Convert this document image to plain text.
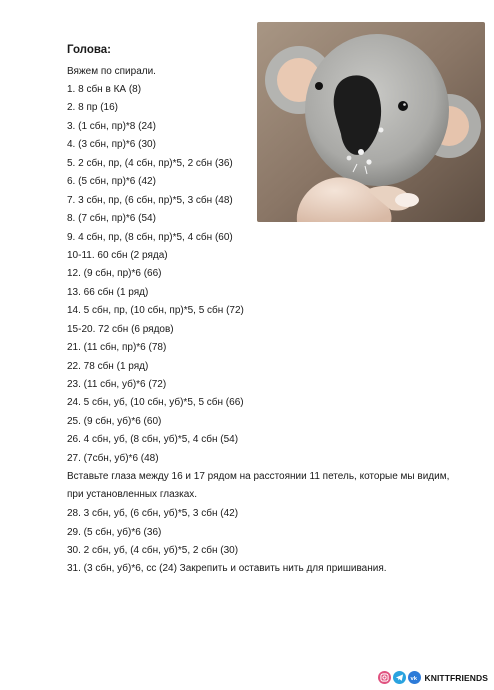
Голова:
Вяжем по спирали.
1. 8 сбн в КА (8)
2. 8 пр (16)
3. (1 сбн, пр)*8 (24)
4. (3 сбн, пр)*6 (30)
5. 2 сбн, пр, (4 сбн, пр)*5, 2 сбн (36)
6. (5 сбн, пр)*6 (42)
7. 3 сбн, пр, (6 сбн, пр)*5, 3 сбн (48)
8. (7 сбн, пр)*6 (54)
9. 4 сбн, пр, (8 сбн, пр)*5, 4 сбн (60)
10-11. 60 сбн (2 ряда)
12. (9 сбн, пр)*6 (66)
13. 66 сбн (1 ряд)
14. 5 сбн, пр, (10 сбн, пр)*5, 5 сбн (72)
15-20. 72 сбн (6 рядов)
21. (11 сбн, пр)*6 (78)
22. 78 сбн (1 ряд)
23. (11 сбн, уб)*6 (72)
24. 5 сбн, уб, (10 сбн, уб)*5, 5 сбн (66)
25. (9 сбн, уб)*6 (60)
26. 4 сбн, уб, (8 сбн, уб)*5, 4 сбн (54)
27. (7сбн, уб)*6 (48)
Вставьте глаза между 16 и 17 рядом на расстоянии 11 петель, которые мы видим, при установленных глазках.
28. 3 сбн, уб, (6 сбн, уб)*5, 3 сбн (42)
29. (5 сбн, уб)*6 (36)
30. 2 сбн, уб, (4 сбн, уб)*5, 2 сбн (30)
31. (3 сбн, уб)*6, сс (24) Закрепить и оставить нить для пришивания.
vk KNITTFRIENDS
